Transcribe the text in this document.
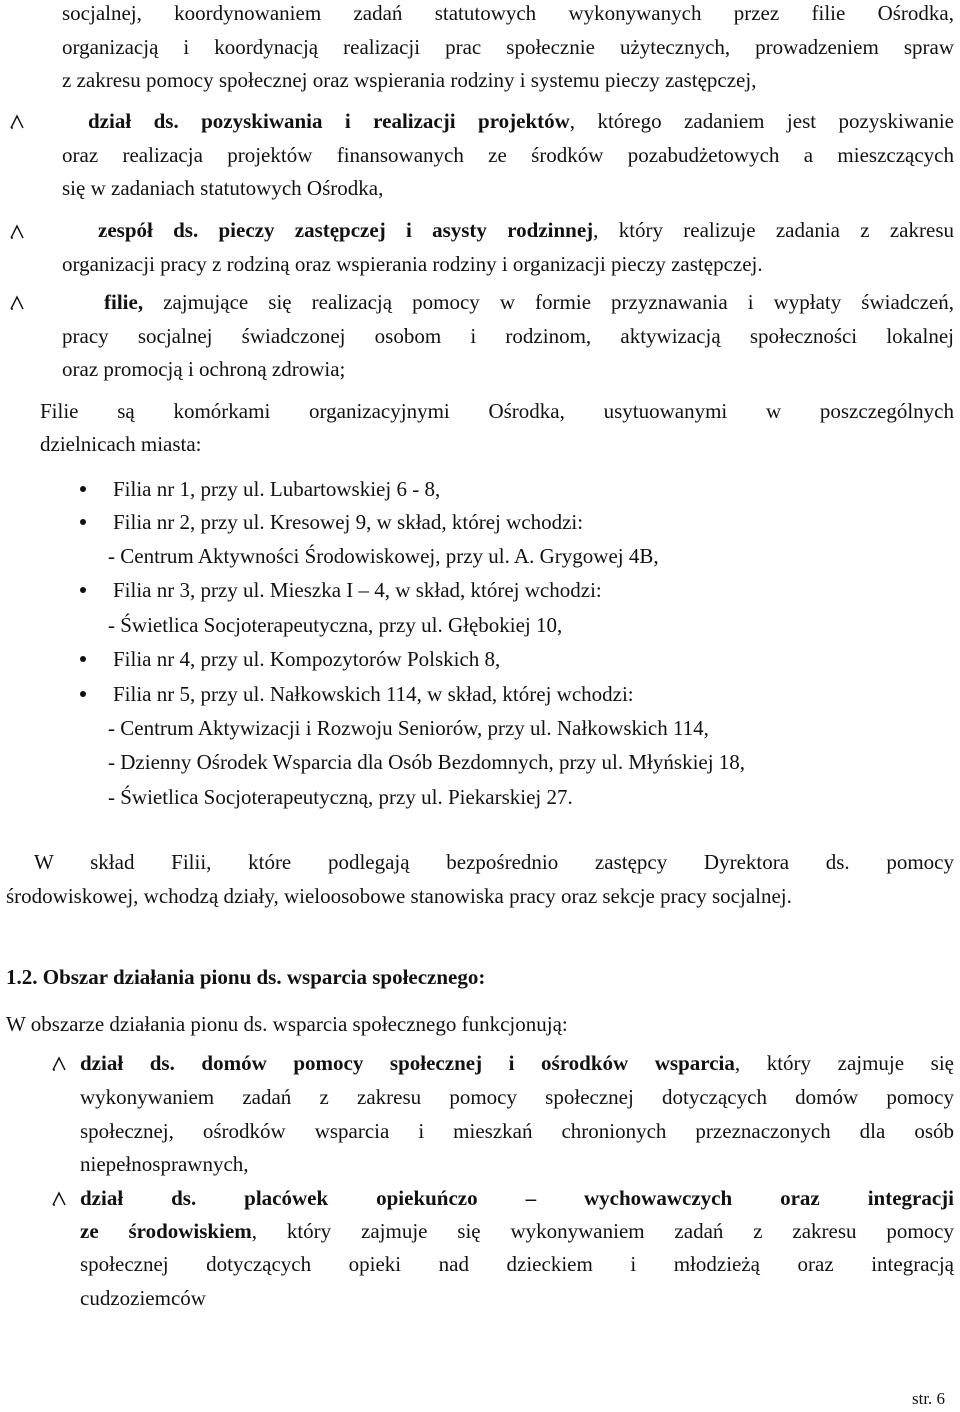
socjalnej, koordynowaniem zadań statutowych wykonywanych przez filie Ośrodka,
organizacją i koordynacją realizacji prac społecznie użytecznych, prowadzeniem spraw
z zakresu pomocy społecznej oraz wspierania rodziny i systemu pieczy zastępczej,
dział ds. pozyskiwania i realizacji projektów, którego zadaniem jest pozyskiwanie
oraz realizacja projektów finansowanych ze środków pozabudżetowych a mieszczących
się w zadaniach statutowych Ośrodka,
zespół ds. pieczy zastępczej i asysty rodzinnej, który realizuje zadania z zakresu
organizacji pracy z rodziną oraz wspierania rodziny i organizacji pieczy zastępczej.
filie, zajmujące się realizacją pomocy w formie przyznawania i wypłaty świadczeń,
pracy socjalnej świadczonej osobom i rodzinom, aktywizacją społeczności lokalnej
oraz promocją i ochroną zdrowia;
Filie są komórkami organizacyjnymi Ośrodka, usytuowanymi w poszczególnych
dzielnicach miasta:
Filia nr 1, przy ul. Lubartowskiej 6 - 8,
Filia nr 2, przy ul. Kresowej 9, w skład, której wchodzi:
- Centrum Aktywności Środowiskowej, przy ul. A. Grygowej 4B,
Filia nr 3, przy ul. Mieszka I – 4, w skład, której wchodzi:
- Świetlica Socjoterapeutyczna, przy ul. Głębokiej 10,
Filia nr 4, przy ul. Kompozytorów Polskich 8,
Filia nr 5, przy ul. Nałkowskich 114, w skład, której wchodzi:
- Centrum Aktywizacji i Rozwoju Seniorów, przy ul. Nałkowskich 114,
- Dzienny Ośrodek Wsparcia dla Osób Bezdomnych, przy ul. Młyńskiej 18,
- Świetlica Socjoterapeutyczną, przy ul. Piekarskiej 27.
W skład Filii, które podlegają bezpośrednio zastępcy Dyrektora ds. pomocy
środowiskowej, wchodzą działy, wieloosobowe stanowiska pracy oraz sekcje pracy socjalnej.
1.2. Obszar działania pionu ds. wsparcia społecznego:
W obszarze działania pionu ds. wsparcia społecznego funkcjonują:
dział ds. domów pomocy społecznej i ośrodków wsparcia, który zajmuje się
wykonywaniem zadań z zakresu pomocy społecznej dotyczących domów pomocy
społecznej, ośrodków wsparcia i mieszkań chronionych przeznaczonych dla osób
niepełnosprawnych,
dział ds. placówek opiekuńczo – wychowawczych oraz integracji
ze środowiskiem, który zajmuje się wykonywaniem zadań z zakresu pomocy
społecznej dotyczących opieki nad dzieckiem i młodzieżą oraz integracją
cudzoziemców
str. 6
